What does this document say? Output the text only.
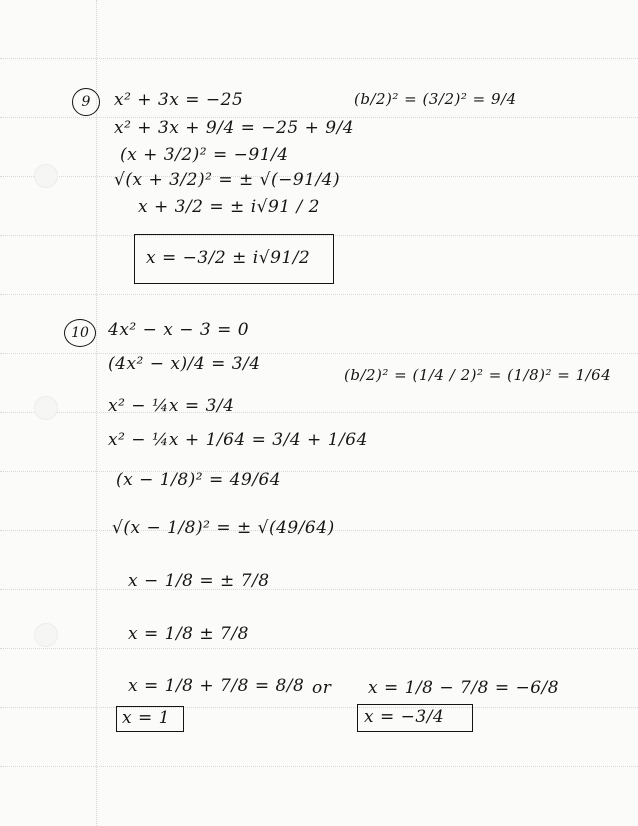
9	x² + 3x = −25
x² + 3x + 9/4 = −25 + 9/4
(x + 3/2)² = −91/4
√(x + 3/2)² = ± √(−91/4)
x + 3/2 = ± i√91 / 2
(b/2)² = (3/2)² = 9/4
x = −3/2 ± i√91/2
10	4x² − x − 3 = 0
(4x² − x)/4 = 3/4
x² − ¼x = 3/4
x² − ¼x + 1/64 = 3/4 + 1/64
(x − 1/8)² = 49/64
√(x − 1/8)² = ± √(49/64)
x − 1/8 = ± 7/8
x = 1/8 ± 7/8
x = 1/8 + 7/8 = 8/8
(b/2)² = (1/4 / 2)² = (1/8)² = 1/64
x = 1
or x = 1/8 − 7/8 = −6/8
x = −3/4
